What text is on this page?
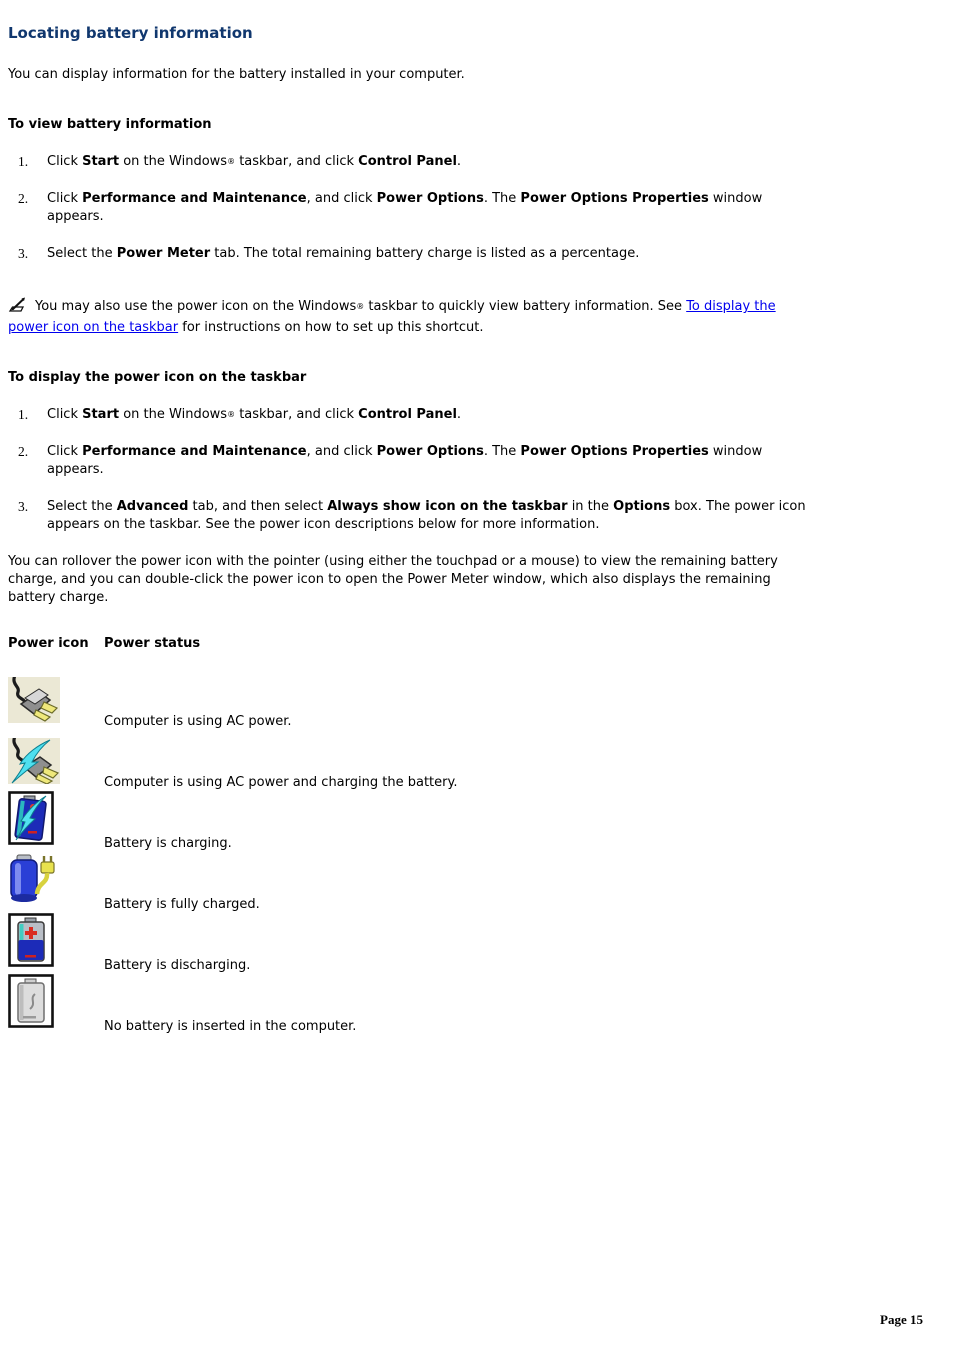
Locating battery information

You can display information for the battery installed in your computer.

To view battery information
Click Start on the Windows® taskbar, and click Control Panel.
Click Performance and Maintenance, and click Power Options. The Power Options Properties window
appears.
Select the Power Meter tab. The total remaining battery charge is listed as a percentage.

You may also use the power icon on the Windows® taskbar to quickly view battery information. See To display the
power icon on the taskbar for instructions on how to set up this shortcut.

To display the power icon on the taskbar
Click Start on the Windows® taskbar, and click Control Panel.
Click Performance and Maintenance, and click Power Options. The Power Options Properties window
appears.
Select the Advanced tab, and then select Always show icon on the taskbar in the Options box. The power icon
appears on the taskbar. See the power icon descriptions below for more information.

You can rollover the power icon with the pointer (using either the touchpad or a mouse) to view the remaining battery
charge, and you can double-click the power icon to open the Power Meter window, which also displays the remaining
battery charge.

Power icon	Power status
Computer is using AC power.
Computer is using AC power and charging the battery.
Battery is charging.
Battery is fully charged.
Battery is discharging.
No battery is inserted in the computer.
Page 15
